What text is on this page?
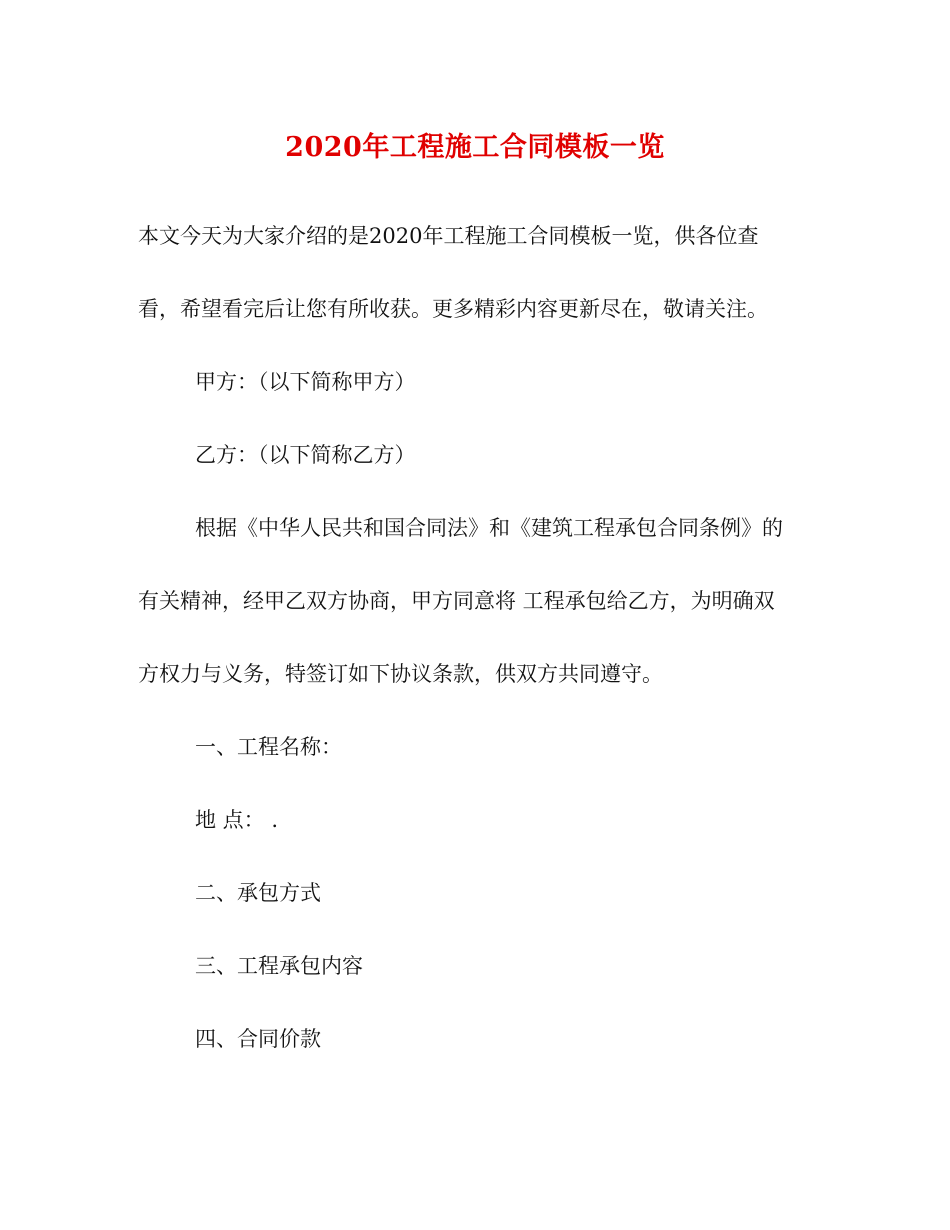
2020年工程施工合同模板一览
本文今天为大家介绍的是2020年工程施工合同模板一览，供各位查
看，希望看完后让您有所收获。更多精彩内容更新尽在，敬请关注。
甲方：（以下简称甲方）
乙方：（以下简称乙方）
根据《中华人民共和国合同法》和《建筑工程承包合同条例》的
有关精神，经甲乙双方协商，甲方同意将 工程承包给乙方，为明确双
方权力与义务，特签订如下协议条款，供双方共同遵守。
一、工程名称：
地 点： .
二、承包方式
三、工程承包内容
四、合同价款
